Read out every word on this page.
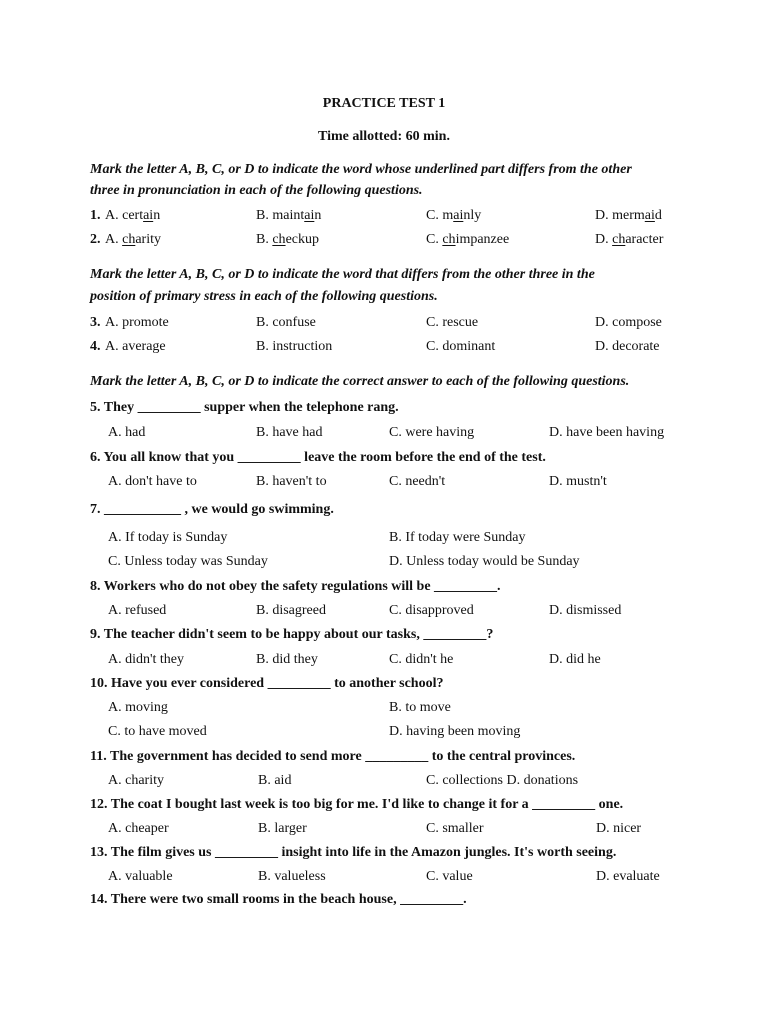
PRACTICE TEST 1
Time allotted: 60 min.
Mark the letter A, B, C, or D to indicate the word whose underlined part differs from the other
three in pronunciation in each of the following questions.
1. A. certain	B. maintain	C. mainly	D. mermaid
2. A. charity	B. checkup	C. chimpanzee	D. character
Mark the letter A, B, C, or D to indicate the word that differs from the other three in the
position of primary stress in each of the following questions.
3. A. promote	B. confuse	C. rescue	D. compose
4. A. average	B. instruction	C. dominant	D. decorate
Mark the letter A, B, C, or D to indicate the correct answer to each of the following questions.
5. They _________ supper when the telephone rang.
A. had	B. have had	C. were having	D. have been having
6. You all know that you _________ leave the room before the end of the test.
A. don't have to	B. haven't to	C. needn't	D. mustn't
7. ___________ , we would go swimming.
A. If today is Sunday	B. If today were Sunday
C. Unless today was Sunday	D. Unless today would be Sunday
8. Workers who do not obey the safety regulations will be _________.
A. refused	B. disagreed	C. disapproved	D. dismissed
9. The teacher didn't seem to be happy about our tasks, _________?
A. didn't they	B. did they	C. didn't he	D. did he
10. Have you ever considered _________ to another school?
A. moving	B. to move
C. to have moved	D. having been moving
11. The government has decided to send more _________ to the central provinces.
A. charity	B. aid	C. collections D. donations
12. The coat I bought last week is too big for me. I'd like to change it for a _________ one.
A. cheaper	B. larger	C. smaller	D. nicer
13. The film gives us _________ insight into life in the Amazon jungles. It's worth seeing.
A. valuable	B. valueless	C. value	D. evaluate
14. There were two small rooms in the beach house, _________.
